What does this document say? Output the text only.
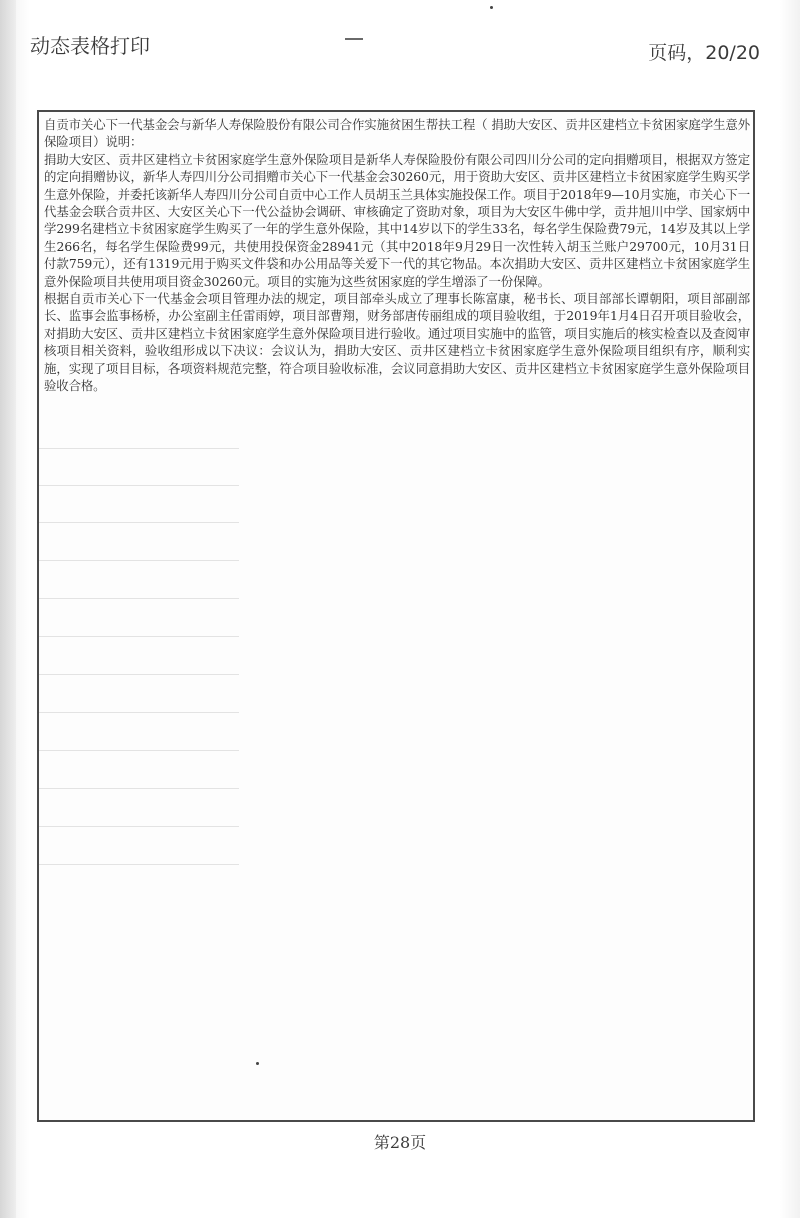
动态表格打印	页码，20/20

自贡市关心下一代基金会与新华人寿保险股份有限公司合作实施贫困生帮扶工程（ 捐助大安区、贡井区建档立卡贫困家庭学生意外保险项目）说明：

捐助大安区、贡井区建档立卡贫困家庭学生意外保险项目是新华人寿保险股份有限公司四川分公司的定向捐赠项目，根据双方签定的定向捐赠协议，新华人寿四川分公司捐赠市关心下一代基金会30260元，用于资助大安区、贡井区建档立卡贫困家庭学生购买学生意外保险，并委托该新华人寿四川分公司自贡中心工作人员胡玉兰具体实施投保工作。项目于2018年9—10月实施，市关心下一代基金会联合贡井区、大安区关心下一代公益协会调研、审核确定了资助对象，项目为大安区牛佛中学，贡井旭川中学、国家炳中学299名建档立卡贫困家庭学生购买了一年的学生意外保险，其中14岁以下的学生33名，每名学生保险费79元，14岁及其以上学生266名，每名学生保险费99元，共使用投保资金28941元（其中2018年9月29日一次性转入胡玉兰账户29700元，10月31日付款759元），还有1319元用于购买文件袋和办公用品等关爱下一代的其它物品。本次捐助大安区、贡井区建档立卡贫困家庭学生意外保险项目共使用项目资金30260元。项目的实施为这些贫困家庭的学生增添了一份保障。

根据自贡市关心下一代基金会项目管理办法的规定，项目部牵头成立了理事长陈富康，秘书长、项目部部长谭朝阳，项目部副部长、监事会监事杨桥，办公室副主任雷雨婷，项目部曹翔，财务部唐传丽组成的项目验收组，于2019年1月4日召开项目验收会，对捐助大安区、贡井区建档立卡贫困家庭学生意外保险项目进行验收。通过项目实施中的监管，项目实施后的核实检查以及查阅审核项目相关资料，验收组形成以下决议：会议认为，捐助大安区、贡井区建档立卡贫困家庭学生意外保险项目组织有序，顺利实施，实现了项目目标，各项资料规范完整，符合项目验收标准，会议同意捐助大安区、贡井区建档立卡贫困家庭学生意外保险项目验收合格。

第28页
